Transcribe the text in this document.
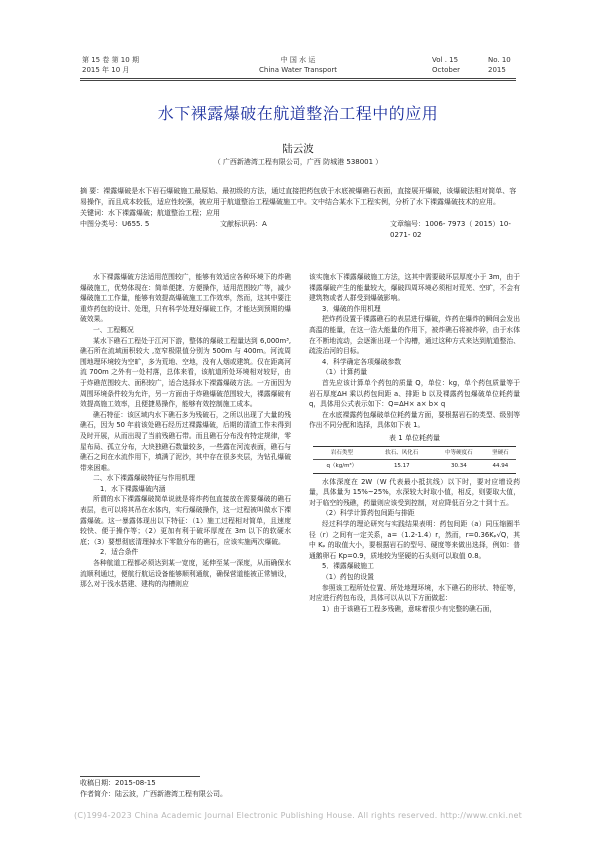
第 15 卷 第 10 期
2015 年 10 月
中 国 水 运
China Water Transport
Vol . 15	No. 10
October	2015
水下裸露爆破在航道整治工程中的应用
陆云波
（ 广西新港湾工程有限公司，广西 防城港 538001 ）
摘 要：裸露爆破是水下岩石爆破施工最原始、最初级的方法，通过直接把药包放于水底被爆礁石表面，直接展开爆破，该爆破法相对简单、容易操作，而且成本较低，适应性较强，被应用于航道整治工程爆破施工中。文中结合某水下工程实例，分析了水下裸露爆破技术的应用。
关键词：水下裸露爆破；航道整治工程；应用
中图分类号：U655. 5	文献标识码：A	文章编号：1006- 7973（ 2015）10- 0271- 02

水下裸露爆破方法适用范围较广，能够有效适应各种环境下的炸礁爆破施工，优势体现在：简单便捷、方便操作，适用范围较广等，减少爆破施工工作量，能够有效提高爆破施工工作效率，然而，这其中要注重炸药包的设计、处理，只有科学处理好爆破工作，才能达到预期的爆破效果。

一、工程概况

某水下礁石工程处于江河下游，整体的爆破工程量达到 6,000m³,礁石所在流域面积较大 ,宽窄极限值分别为 500m 与 400m。河流周围地理环境较为空旷，多为荒地、空地，没有人烟或建筑。仅在距离河流 700m 之外有一处村落，总体来看，该航道所处环境相对较好，由于炸礁范围较大、面积较广，适合选择水下裸露爆破方法。一方面因为周围环境条件较为允许，另一方面由于炸礁爆破范围较大，裸露爆破有效提高施工效率，且便捷易操作，能够有效控制施工成本。

礁石特征：该区域内水下礁石多为残破石，之所以出现了大量的残礁石，因为 50 年前该处礁石经历过裸露爆破，后期的清渣工作未得到及时开展，从而出现了当前残礁石带。而且礁石分布没有特定规律，零星布局、孤立分布，大块独礁石数量较多，一些露在河流表面，礁石与礁石之间在水流作用下，填满了泥沙，其中存在很多夹层，为钻孔爆破带来困难。

二、水下裸露爆破特征与作用机理

1．水下裸露爆破内涵

所谓的水下裸露爆破简单说就是将炸药包直接放在需要爆破的礁石表层，也可以将其吊在水体内，实行爆破操作，这一过程被叫做水下裸露爆破。这一暴露体现出以下特征：（1）施工过程相对简单，且速度较快、便于操作等；（2）更加有利于破坏厚度在 3m 以下的软硬水底；（3）要想彻底清理掉水下零散分布的礁石，应该实施两次爆破。

2．适合条件

各种航道工程都必须达到某一宽度，延伸至某一深度，从而确保水流顺利通过，便航行航运设备能够顺利通航，确保营道能被正常铺设，那么对于浅水搭建、建构的沟槽则应

该实施水下裸露爆破施工方法，这其中需要破坏层厚度小于 3m，由于裸露爆破产生的能量较大，爆破四周环境必须相对荒芜、空旷，不会有建筑物或者人群受到爆破影响。

3．爆破的作用机理

把炸药设置于裸露礁石的表层进行爆破，炸药在爆炸的瞬间会发出高温的能量，在这一浩大能量的作用下，被炸礁石将被炸碎，由于水体在不断地流动，会逐渐出现一个沟槽，通过这种方式来达到航道整治、疏浚治河的目标。

4．科学确定各项爆破参数

（1）计算药量

首先应该计算单个药包的质量 Q，单位：kg，单个药包质量等于岩石厚度ΔH 乘以药包间距 a、排距 b 以及裸露药包爆破单位耗药量 q，具体用公式表示如下：Q=ΔH× a× b× q

在水底裸露药包爆破单位耗药量方面，要根据岩石的类型、级别等作出不同分配和选择，具体如下表 1。

表 1 单位耗药量
岩石类型	软石、风化石	中等硬度石	坚硬石
q（kg/m³）	15.17	30.34	44.94

水体深度在 2W（W 代表最小抵抗线）以下时，要对应增设药量，具体量为 15%~25%，水深较大时取小值，相反，则要取大值，对于临空的残礁，药量则应该受到控制，对应降低百分之十到十五。

（2）科学计算药包间距与排距

经过科学的理论研究与实践结果表明：药包间距（a）同压缩圈半径（r）之间有一定关系，a=（1.2-1.4）r，然而，r=0.36Kₚ√Q，其中 Kₚ 的取值大小，要根据岩石的型号、硬度等来做出选择，例如：普通鹅卵石 Kp=0.9，质地较为坚硬的石头则可以取值 0.8。

5．裸露爆破施工

（1）药包的设置

参照该工程所处位置、所处地理环境，水下礁石的形状、特征等，对应进行药包布设，具体可以从以下方面做起：

1）由于该礁石工程多残礁，意味着很少有完整的礁石面，

收稿日期：2015-08-15
作者简介：陆云波，广西新港湾工程有限公司。
(C)1994-2023 China Academic Journal Electronic Publishing House. All rights reserved. http://www.cnki.net
